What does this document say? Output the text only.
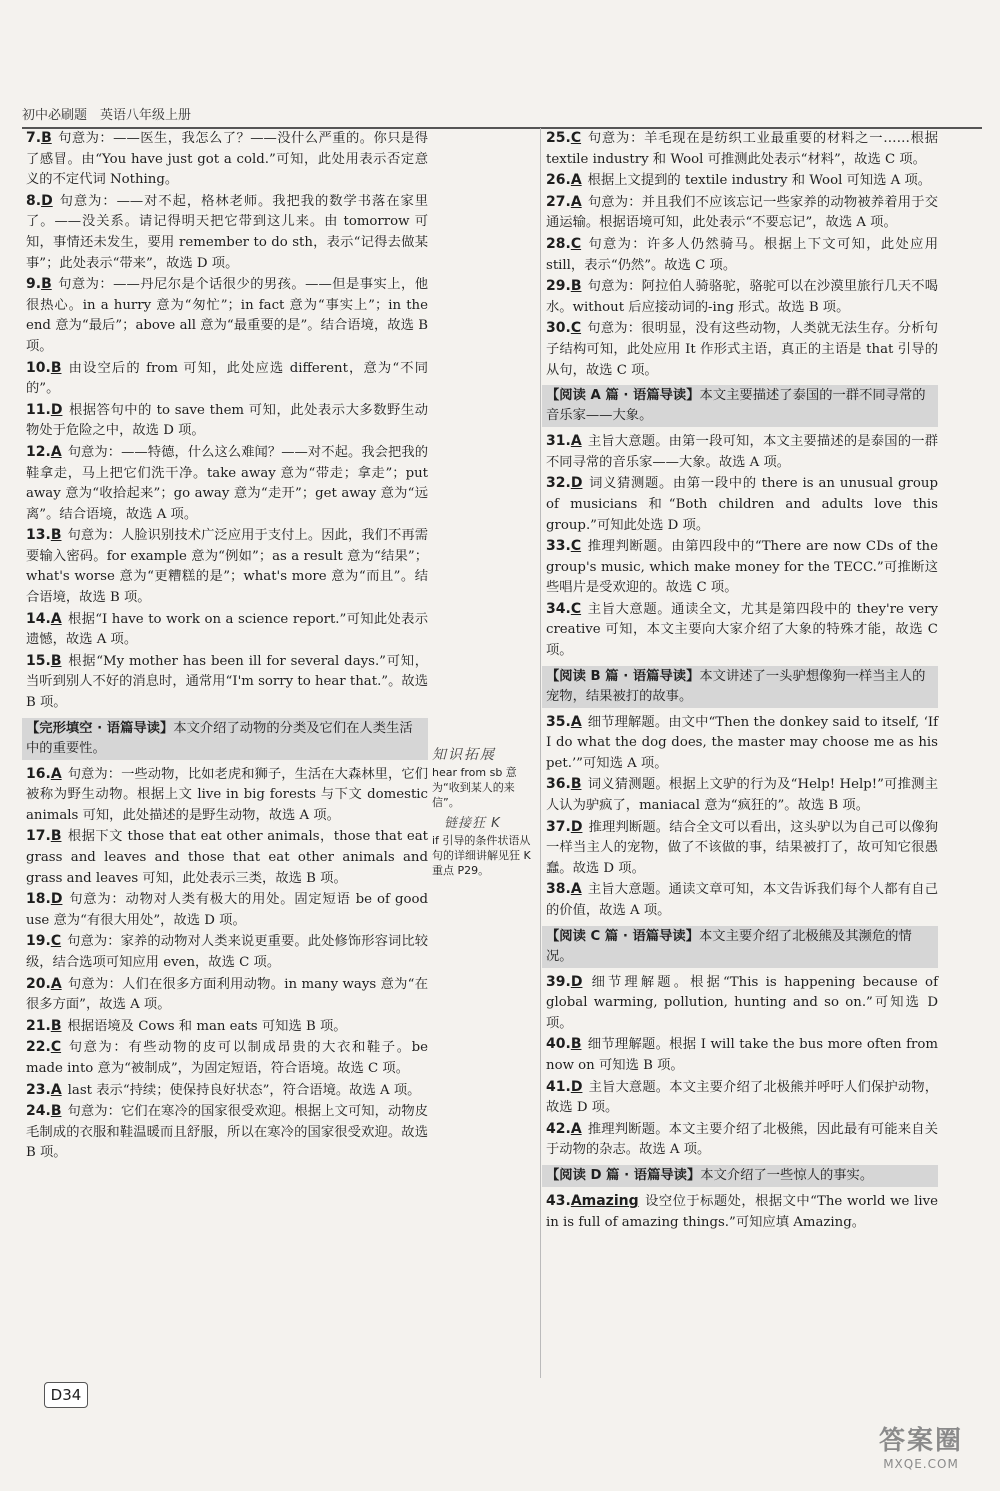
初中必刷题　英语八年级上册

7.B 句意为：——医生，我怎么了？——没什么严重的。你只是得了感冒。由“You have just got a cold.”可知，此处用表示否定意义的不定代词 Nothing。

8.D 句意为：——对不起，格林老师。我把我的数学书落在家里了。——没关系。请记得明天把它带到这儿来。由 tomorrow 可知，事情还未发生，要用 remember to do sth，表示“记得去做某事”；此处表示“带来”，故选 D 项。

9.B 句意为：——丹尼尔是个话很少的男孩。——但是事实上，他很热心。in a hurry 意为“匆忙”；in fact 意为“事实上”；in the end 意为“最后”；above all 意为“最重要的是”。结合语境，故选 B 项。

10.B 由设空后的 from 可知，此处应选 different，意为“不同的”。

11.D 根据答句中的 to save them 可知，此处表示大多数野生动物处于危险之中，故选 D 项。

12.A 句意为：——特德，什么这么难闻？——对不起。我会把我的鞋拿走，马上把它们洗干净。take away 意为“带走；拿走”；put away 意为“收拾起来”；go away 意为“走开”；get away 意为“远离”。结合语境，故选 A 项。

13.B 句意为：人脸识别技术广泛应用于支付上。因此，我们不再需要输入密码。for example 意为“例如”；as a result 意为“结果”；what's worse 意为“更糟糕的是”；what's more 意为“而且”。结合语境，故选 B 项。

14.A 根据“I have to work on a science report.”可知此处表示遗憾，故选 A 项。

15.B 根据“My mother has been ill for several days.”可知，当听到别人不好的消息时，通常用“I'm sorry to hear that.”。故选 B 项。

【完形填空 · 语篇导读】本文介绍了动物的分类及它们在人类生活中的重要性。

16.A 句意为：一些动物，比如老虎和狮子，生活在大森林里，它们被称为野生动物。根据上文 live in big forests 与下文 domestic animals 可知，此处描述的是野生动物，故选 A 项。

17.B 根据下文 those that eat other animals，those that eat grass and leaves and those that eat other animals and grass and leaves 可知，此处表示三类，故选 B 项。

18.D 句意为：动物对人类有极大的用处。固定短语 be of good use 意为“有很大用处”，故选 D 项。

19.C 句意为：家养的动物对人类来说更重要。此处修饰形容词比较级，结合选项可知应用 even，故选 C 项。

20.A 句意为：人们在很多方面利用动物。in many ways 意为“在很多方面”，故选 A 项。

21.B 根据语境及 Cows 和 man eats 可知选 B 项。

22.C 句意为：有些动物的皮可以制成昂贵的大衣和鞋子。be made into 意为“被制成”，为固定短语，符合语境。故选 C 项。

23.A last 表示“持续；使保持良好状态”，符合语境。故选 A 项。

24.B 句意为：它们在寒冷的国家很受欢迎。根据上文可知，动物皮毛制成的衣服和鞋温暖而且舒服，所以在寒冷的国家很受欢迎。故选 B 项。

25.C 句意为：羊毛现在是纺织工业最重要的材料之一……根据 textile industry 和 Wool 可推测此处表示“材料”，故选 C 项。

26.A 根据上文提到的 textile industry 和 Wool 可知选 A 项。

27.A 句意为：并且我们不应该忘记一些家养的动物被养着用于交通运输。根据语境可知，此处表示“不要忘记”，故选 A 项。

28.C 句意为：许多人仍然骑马。根据上下文可知，此处应用 still，表示“仍然”。故选 C 项。

29.B 句意为：阿拉伯人骑骆驼，骆驼可以在沙漠里旅行几天不喝水。without 后应接动词的-ing 形式。故选 B 项。

30.C 句意为：很明显，没有这些动物，人类就无法生存。分析句子结构可知，此处应用 It 作形式主语，真正的主语是 that 引导的从句，故选 C 项。

【阅读 A 篇 · 语篇导读】本文主要描述了泰国的一群不同寻常的音乐家——大象。

31.A 主旨大意题。由第一段可知，本文主要描述的是泰国的一群不同寻常的音乐家——大象。故选 A 项。

32.D 词义猜测题。由第一段中的 there is an unusual group of musicians 和“Both children and adults love this group.”可知此处选 D 项。

33.C 推理判断题。由第四段中的“There are now CDs of the group's music, which make money for the TECC.”可推断这些唱片是受欢迎的。故选 C 项。

34.C 主旨大意题。通读全文，尤其是第四段中的 they're very creative 可知，本文主要向大家介绍了大象的特殊才能，故选 C 项。

【阅读 B 篇 · 语篇导读】本文讲述了一头驴想像狗一样当主人的宠物，结果被打的故事。

35.A 细节理解题。由文中“Then the donkey said to itself, ‘If I do what the dog does, the master may choose me as his pet.’”可知选 A 项。

36.B 词义猜测题。根据上文驴的行为及“Help! Help!”可推测主人认为驴疯了，maniacal 意为“疯狂的”。故选 B 项。

37.D 推理判断题。结合全文可以看出，这头驴以为自己可以像狗一样当主人的宠物，做了不该做的事，结果被打了，故可知它很愚蠢。故选 D 项。

38.A 主旨大意题。通读文章可知，本文告诉我们每个人都有自己的价值，故选 A 项。

【阅读 C 篇 · 语篇导读】本文主要介绍了北极熊及其濒危的情况。

39.D 细节理解题。根据“This is happening because of global warming, pollution, hunting and so on.”可知选 D 项。

40.B 细节理解题。根据 I will take the bus more often from now on 可知选 B 项。

41.D 主旨大意题。本文主要介绍了北极熊并呼吁人们保护动物，故选 D 项。

42.A 推理判断题。本文主要介绍了北极熊，因此最有可能来自关于动物的杂志。故选 A 项。

【阅读 D 篇 · 语篇导读】本文介绍了一些惊人的事实。

43.Amazing 设空位于标题处，根据文中“The world we live in is full of amazing things.”可知应填 Amazing。

知识拓展
hear from sb 意为“收到某人的来信”。
链接狂 K
if 引导的条件状语从句的详细讲解见狂 K 重点 P29。
D34
答案圈
MXQE.COM
